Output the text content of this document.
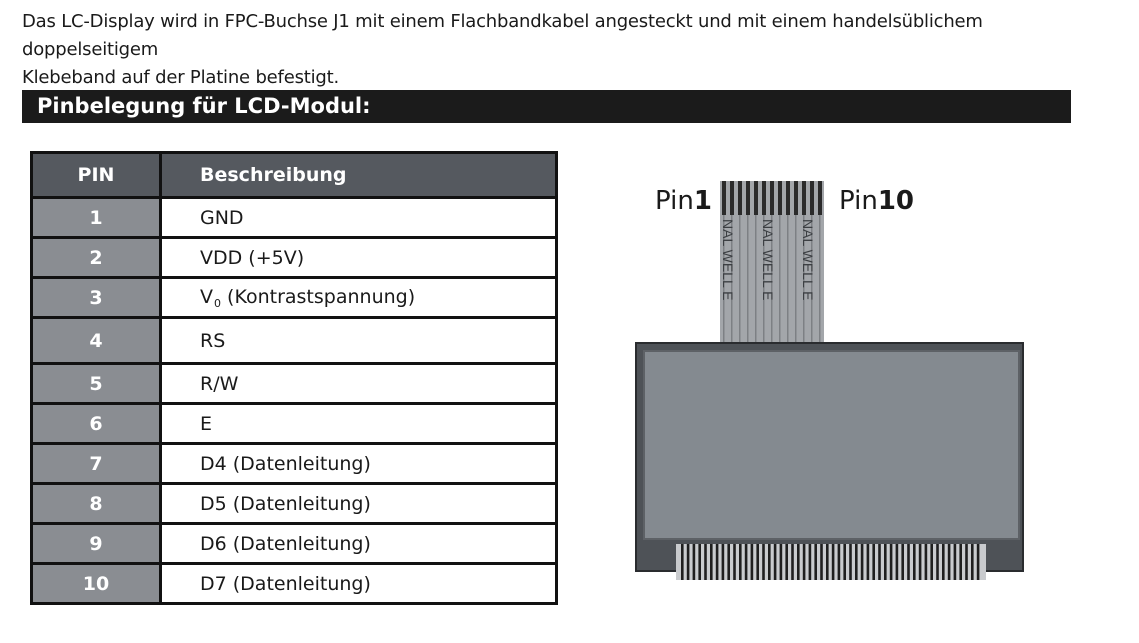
Das LC-Display wird in FPC-Buchse J1 mit einem Flachbandkabel angesteckt und mit einem handelsüblichem doppelseitigem
Klebeband auf der Platine befestigt.
Pinbelegung für LCD-Modul:
PIN	Beschreibung
1	GND
2	VDD (+5V)
3	$V_0$ (Kontrastspannung)
4	RS
5	R/W
6	E
7	D4 (Datenleitung)
8	D5 (Datenleitung)
9	D6 (Datenleitung)
10	D7 (Datenleitung)
Pin1	Pin10
NAL WELL E NAL WELL E NAL WELL E
